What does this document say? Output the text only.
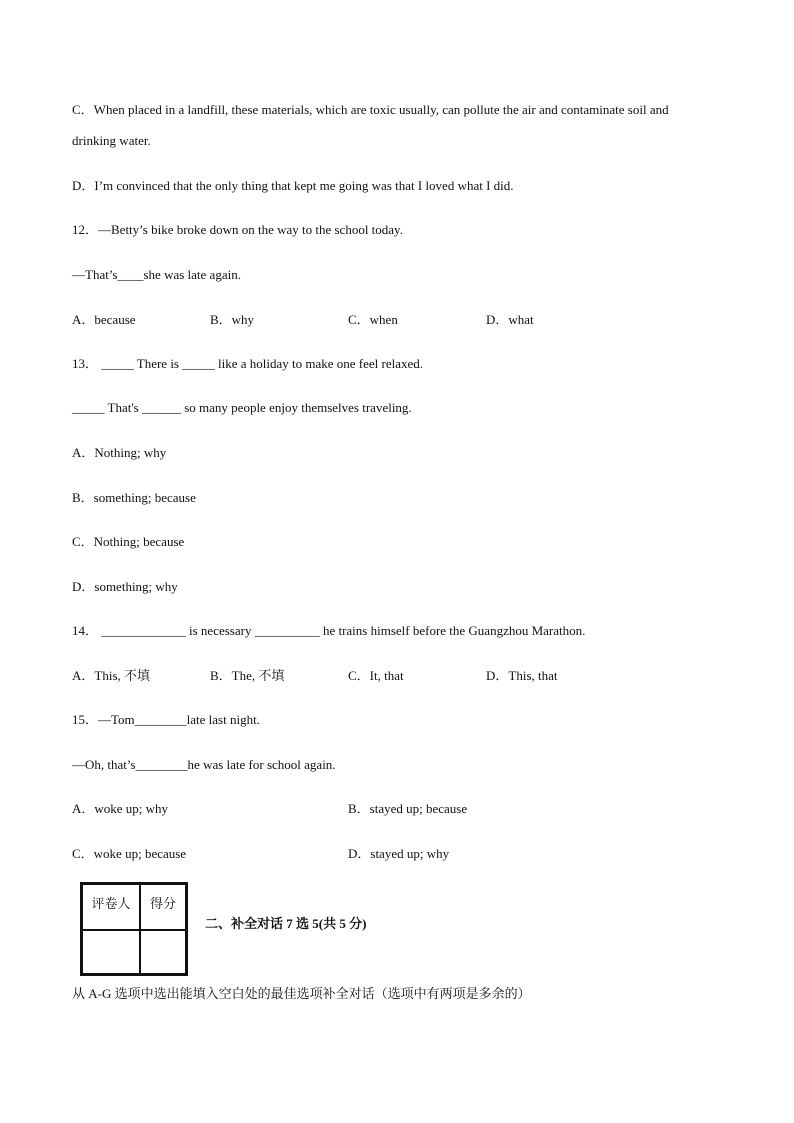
C．When placed in a landfill, these materials, which are toxic usually, can pollute the air and contaminate soil and
drinking water.
D．I’m convinced that the only thing that kept me going was that I loved what I did.
12．—Betty’s bike broke down on the way to the school today.
—That’s____she was late again.
A．because	B．why	C．when	D．what
13． _____ There is _____ like a holiday to make one feel relaxed.
_____ That's ______ so many people enjoy themselves traveling.
A．Nothing; why
B．something; because
C．Nothing; because
D．something; why
14． _____________ is necessary __________ he trains himself before the Guangzhou Marathon.
A．This, 不填	B．The, 不填	C．It, that	D．This, that
15．—Tom________late last night.
—Oh, that’s________he was late for school again.
A．woke up; why	B．stayed up; because
C．woke up; because	D．stayed up; why
评卷人	得分
二、补全对话 7 选 5(共 5 分)
从 A-G 选项中选出能填入空白处的最佳选项补全对话（选项中有两项是多余的）
